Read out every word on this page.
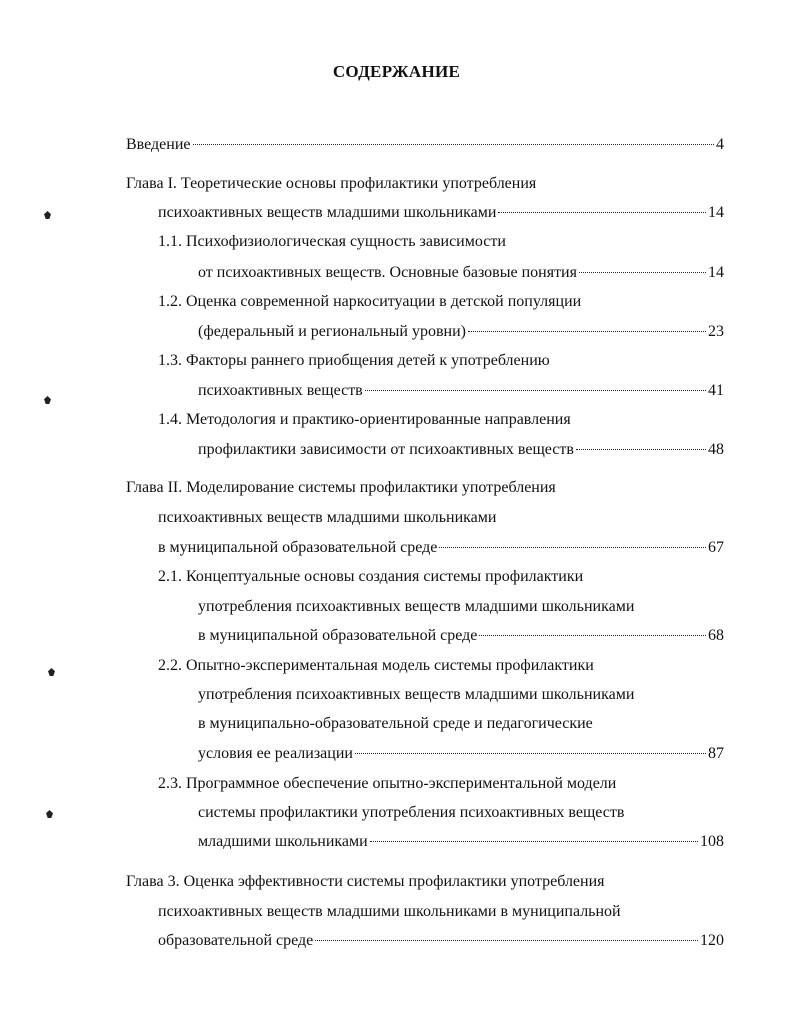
СОДЕРЖАНИЕ
Введение	4
Глава I. Теоретические основы профилактики употребления
психоактивных веществ младшими школьниками	14
1.1. Психофизиологическая сущность зависимости
от психоактивных веществ. Основные базовые понятия	14
1.2. Оценка современной наркоситуации в детской популяции
(федеральный и региональный уровни)	23
1.3. Факторы раннего приобщения детей к употреблению
психоактивных веществ	41
1.4. Методология и практико-ориентированные направления
профилактики зависимости от психоактивных веществ	48
Глава II. Моделирование системы профилактики употребления
психоактивных веществ младшими школьниками
в муниципальной образовательной среде	67
2.1. Концептуальные основы создания системы профилактики
употребления психоактивных веществ младшими школьниками
в муниципальной образовательной среде	68
2.2. Опытно-экспериментальная модель системы профилактики
употребления психоактивных веществ младшими школьниками
в муниципально-образовательной среде и педагогические
условия ее реализации	87
2.3. Программное обеспечение опытно-экспериментальной модели
системы профилактики употребления психоактивных веществ
младшими школьниками	108
Глава 3. Оценка эффективности системы профилактики употребления
психоактивных веществ младшими школьниками в муниципальной
образовательной среде	120
